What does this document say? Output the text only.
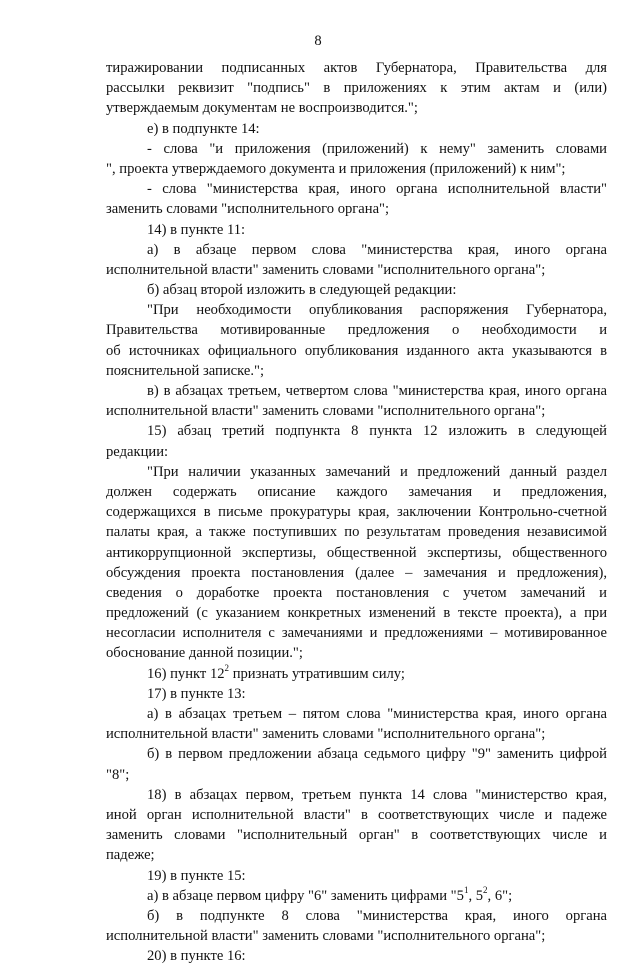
8
тиражировании подписанных актов Губернатора, Правительства для
рассылки реквизит "подпись" в приложениях к этим актам и (или)
утверждаемым документам не воспроизводится.";
е) в подпункте 14:
- слова "и приложения (приложений) к нему" заменить словами
", проекта утверждаемого документа и приложения (приложений) к ним";
- слова "министерства края, иного органа исполнительной власти"
заменить словами "исполнительного органа";
14) в пункте 11:
а) в абзаце первом слова "министерства края, иного органа
исполнительной власти" заменить словами "исполнительного органа";
б) абзац второй изложить в следующей редакции:
"При необходимости опубликования распоряжения Губернатора,
Правительства мотивированные предложения о необходимости и
об источниках официального опубликования изданного акта указываются в
пояснительной записке.";
в) в абзацах третьем, четвертом слова "министерства края, иного органа
исполнительной власти" заменить словами "исполнительного органа";
15) абзац третий подпункта 8 пункта 12 изложить в следующей
редакции:
"При наличии указанных замечаний и предложений данный раздел
должен содержать описание каждого замечания и предложения,
содержащихся в письме прокуратуры края, заключении Контрольно-счетной
палаты края, а также поступивших по результатам проведения независимой
антикоррупционной экспертизы, общественной экспертизы, общественного
обсуждения проекта постановления (далее – замечания и предложения),
сведения о доработке проекта постановления с учетом замечаний и
предложений (с указанием конкретных изменений в тексте проекта), а при
несогласии исполнителя с замечаниями и предложениями – мотивированное
обоснование данной позиции.";
16) пункт $12^2$ признать утратившим силу;
17) в пункте 13:
а) в абзацах третьем – пятом слова "министерства края, иного органа
исполнительной власти" заменить словами "исполнительного органа";
б) в первом предложении абзаца седьмого цифру "9" заменить цифрой
"8";
18) в абзацах первом, третьем пункта 14 слова "министерство края,
иной орган исполнительной власти" в соответствующих числе и падеже
заменить словами "исполнительный орган" в соответствующих числе и
падеже;
19) в пункте 15:
а) в абзаце первом цифру "6" заменить цифрами "$5^1$, $5^2$, 6";
б) в подпункте 8 слова "министерства края, иного органа
исполнительной власти" заменить словами "исполнительного органа";
20) в пункте 16:
